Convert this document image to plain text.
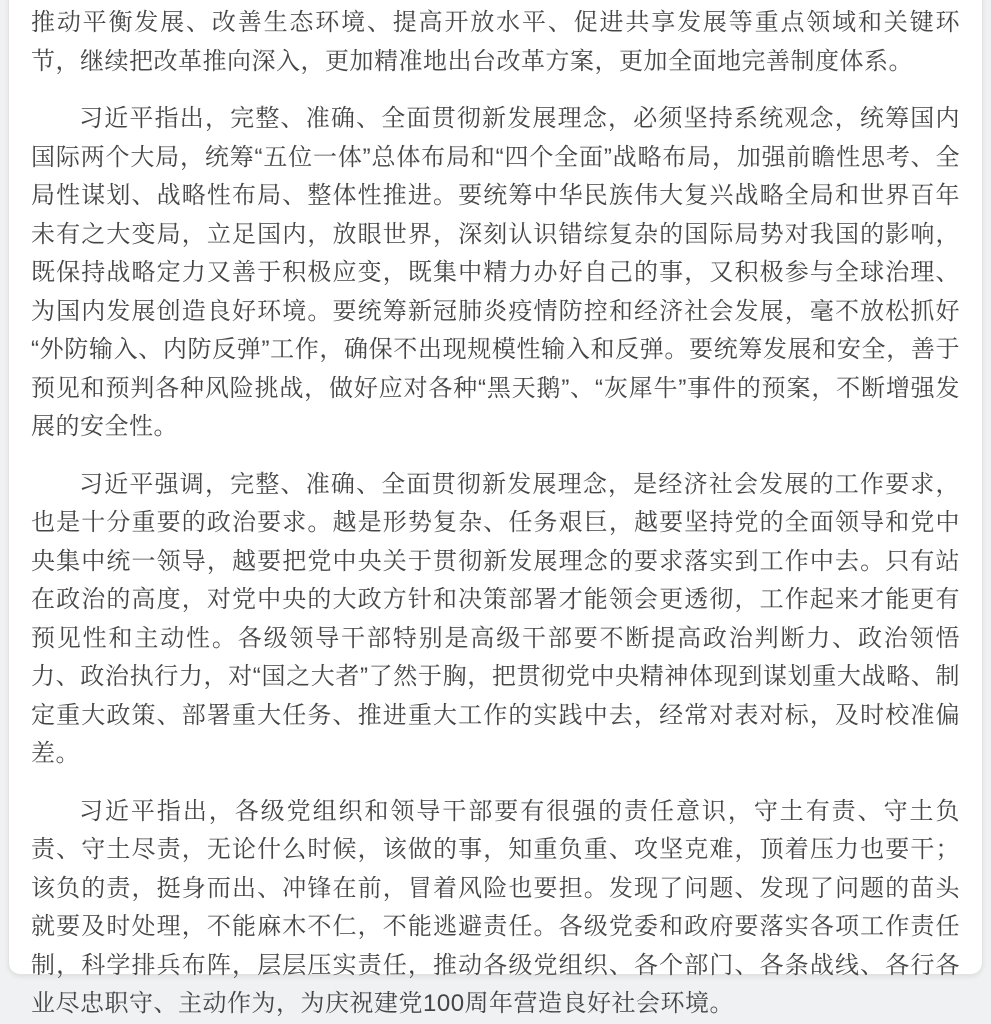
推动平衡发展、改善生态环境、提高开放水平、促进共享发展等重点领域和关键环节，继续把改革推向深入，更加精准地出台改革方案，更加全面地完善制度体系。

习近平指出，完整、准确、全面贯彻新发展理念，必须坚持系统观念，统筹国内国际两个大局，统筹“五位一体”总体布局和“四个全面”战略布局，加强前瞻性思考、全局性谋划、战略性布局、整体性推进。要统筹中华民族伟大复兴战略全局和世界百年未有之大变局，立足国内，放眼世界，深刻认识错综复杂的国际局势对我国的影响，既保持战略定力又善于积极应变，既集中精力办好自己的事，又积极参与全球治理、为国内发展创造良好环境。要统筹新冠肺炎疫情防控和经济社会发展，毫不放松抓好“外防输入、内防反弹”工作，确保不出现规模性输入和反弹。要统筹发展和安全，善于预见和预判各种风险挑战，做好应对各种“黑天鹅”、“灰犀牛”事件的预案，不断增强发展的安全性。

习近平强调，完整、准确、全面贯彻新发展理念，是经济社会发展的工作要求，也是十分重要的政治要求。越是形势复杂、任务艰巨，越要坚持党的全面领导和党中央集中统一领导，越要把党中央关于贯彻新发展理念的要求落实到工作中去。只有站在政治的高度，对党中央的大政方针和决策部署才能领会更透彻，工作起来才能更有预见性和主动性。各级领导干部特别是高级干部要不断提高政治判断力、政治领悟力、政治执行力，对“国之大者”了然于胸，把贯彻党中央精神体现到谋划重大战略、制定重大政策、部署重大任务、推进重大工作的实践中去，经常对表对标，及时校准偏差。

习近平指出，各级党组织和领导干部要有很强的责任意识，守土有责、守土负责、守土尽责，无论什么时候，该做的事，知重负重、攻坚克难，顶着压力也要干；该负的责，挺身而出、冲锋在前，冒着风险也要担。发现了问题、发现了问题的苗头就要及时处理，不能麻木不仁，不能逃避责任。各级党委和政府要落实各项工作责任制，科学排兵布阵，层层压实责任，推动各级党组织、各个部门、各条战线、各行各业尽忠职守、主动作为，为庆祝建党100周年营造良好社会环境。
